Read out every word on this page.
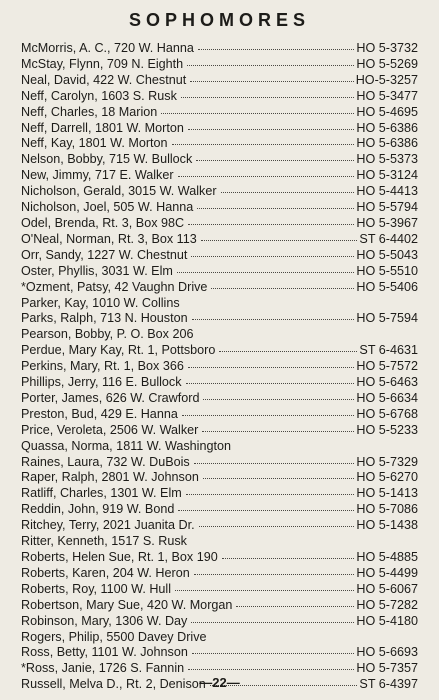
SOPHOMORES
McMorris, A. C., 720 W. Hanna	HO 5-3732
McStay, Flynn, 709 N. Eighth	HO 5-5269
Neal, David, 422 W. Chestnut	HO-5-3257
Neff, Carolyn, 1603 S. Rusk	HO 5-3477
Neff, Charles, 18 Marion	HO 5-4695
Neff, Darrell, 1801 W. Morton	HO 5-6386
Neff, Kay, 1801 W. Morton	HO 5-6386
Nelson, Bobby, 715 W. Bullock	HO 5-5373
New, Jimmy, 717 E. Walker	HO 5-3124
Nicholson, Gerald, 3015 W. Walker	HO 5-4413
Nicholson, Joel, 505 W. Hanna	HO 5-5794
Odel, Brenda, Rt. 3, Box 98C	HO 5-3967
O'Neal, Norman, Rt. 3, Box 113	ST 6-4402
Orr, Sandy, 1227 W. Chestnut	HO 5-5043
Oster, Phyllis, 3031 W. Elm	HO 5-5510
*Ozment, Patsy, 42 Vaughn Drive	HO 5-5406
Parker, Kay, 1010 W. Collins
Parks, Ralph, 713 N. Houston	HO 5-7594
Pearson, Bobby, P. O. Box 206
Perdue, Mary Kay, Rt. 1, Pottsboro	ST 6-4631
Perkins, Mary, Rt. 1, Box 366	HO 5-7572
Phillips, Jerry, 116 E. Bullock	HO 5-6463
Porter, James, 626 W. Crawford	HO 5-6634
Preston, Bud, 429 E. Hanna	HO 5-6768
Price, Veroleta, 2506 W. Walker	HO 5-5233
Quassa, Norma, 1811 W. Washington
Raines, Laura, 732 W. DuBois	HO 5-7329
Raper, Ralph, 2801 W. Johnson	HO 5-6270
Ratliff, Charles, 1301 W. Elm	HO 5-1413
Reddin, John, 919 W. Bond	HO 5-7086
Ritchey, Terry, 2021 Juanita Dr.	HO 5-1438
Ritter, Kenneth, 1517 S. Rusk
Roberts, Helen Sue, Rt. 1, Box 190	HO 5-4885
Roberts, Karen, 204 W. Heron	HO 5-4499
Roberts, Roy, 1100 W. Hull	HO 5-6067
Robertson, Mary Sue, 420 W. Morgan	HO 5-7282
Robinson, Mary, 1306 W. Day	HO 5-4180
Rogers, Philip, 5500 Davey Drive
Ross, Betty, 1101 W. Johnson	HO 5-6693
*Ross, Janie, 1726 S. Fannin	HO 5-7357
Russell, Melva D., Rt. 2, Denison	ST 6-4397
—22—
